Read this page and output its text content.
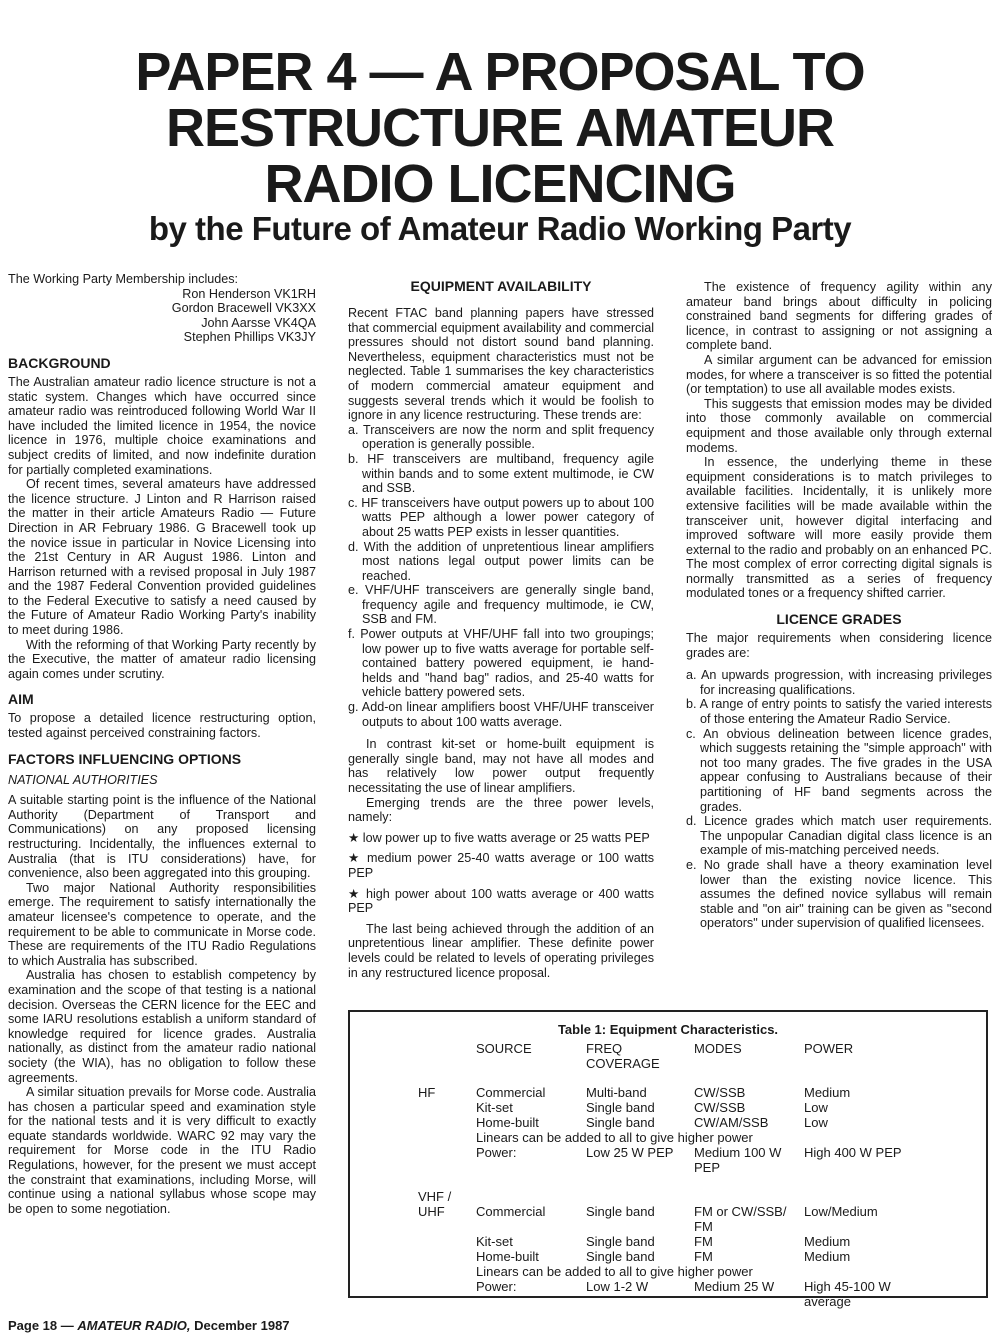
PAPER 4 — A PROPOSAL TO
RESTRUCTURE AMATEUR
RADIO LICENCING
by the Future of Amateur Radio Working Party

The Working Party Membership includes:

Ron Henderson VK1RH
Gordon Bracewell VK3XX
John Aarsse VK4QA
Stephen Phillips VK3JY
BACKGROUND

The Australian amateur radio licence structure is not a static system. Changes which have occurred since amateur radio was reintroduced following World War II have included the limited licence in 1954, the novice licence in 1976, multiple choice examinations and subject credits of limited, and now indefinite duration for partially completed examinations.

Of recent times, several amateurs have addressed the licence structure. J Linton and R Harrison raised the matter in their article Amateurs Radio — Future Direction in AR February 1986. G Bracewell took up the novice issue in particular in Novice Licensing into the 21st Century in AR August 1986. Linton and Harrison returned with a revised proposal in July 1987 and the 1987 Federal Convention provided guidelines to the Federal Executive to satisfy a need caused by the Future of Amateur Radio Working Party's inability to meet during 1986.

With the reforming of that Working Party recently by the Executive, the matter of amateur radio licensing again comes under scrutiny.

AIM

To propose a detailed licence restructuring option, tested against perceived constraining factors.

FACTORS INFLUENCING OPTIONS
NATIONAL AUTHORITIES

A suitable starting point is the influence of the National Authority (Department of Transport and Communications) on any proposed licensing restructuring. Incidentally, the influences external to Australia (that is ITU considerations) have, for convenience, also been aggregated into this grouping.

Two major National Authority responsibilities emerge. The requirement to satisfy internationally the amateur licensee's competence to operate, and the requirement to be able to communicate in Morse code. These are requirements of the ITU Radio Regulations to which Australia has subscribed.

Australia has chosen to establish competency by examination and the scope of that testing is a national decision. Overseas the CERN licence for the EEC and some IARU resolutions establish a uniform standard of knowledge required for licence grades. Australia nationally, as distinct from the amateur radio national society (the WIA), has no obligation to follow these agreements.

A similar situation prevails for Morse code. Australia has chosen a particular speed and examination style for the national tests and it is very difficult to exactly equate standards worldwide. WARC 92 may vary the requirement for Morse code in the ITU Radio Regulations, however, for the present we must accept the constraint that examinations, including Morse, will continue using a national syllabus whose scope may be open to some negotiation.

EQUIPMENT AVAILABILITY

Recent FTAC band planning papers have stressed that commercial equipment availability and commercial pressures should not distort sound band planning. Nevertheless, equipment characteristics must not be neglected. Table 1 summarises the key characteristics of modern commercial amateur equipment and suggests several trends which it would be foolish to ignore in any licence restructuring. These trends are:

a. Transceivers are now the norm and split frequency operation is generally possible.
b. HF transceivers are multiband, frequency agile within bands and to some extent multimode, ie CW and SSB.
c. HF transceivers have output powers up to about 100 watts PEP although a lower power category of about 25 watts PEP exists in lesser quantities.
d. With the addition of unpretentious linear amplifiers most nations legal output power limits can be reached.
e. VHF/UHF transceivers are generally single band, frequency agile and frequency multimode, ie CW, SSB and FM.
f. Power outputs at VHF/UHF fall into two groupings; low power up to five watts average for portable self-contained battery powered equipment, ie hand-helds and "hand bag" radios, and 25-40 watts for vehicle battery powered sets.
g. Add-on linear amplifiers boost VHF/UHF transceiver outputs to about 100 watts average.

In contrast kit-set or home-built equipment is generally single band, may not have all modes and has relatively low power output frequently necessitating the use of linear amplifiers.

Emerging trends are the three power levels, namely:

★ low power up to five watts average or 25 watts PEP
★ medium power 25-40 watts average or 100 watts PEP
★ high power about 100 watts average or 400 watts PEP

The last being achieved through the addition of an unpretentious linear amplifier. These definite power levels could be related to levels of operating privileges in any restructured licence proposal.

The existence of frequency agility within any amateur band brings about difficulty in policing constrained band segments for differing grades of licence, in contrast to assigning or not assigning a complete band.

A similar argument can be advanced for emission modes, for where a transceiver is so fitted the potential (or temptation) to use all available modes exists.

This suggests that emission modes may be divided into those commonly available on commercial equipment and those available only through external modems.

In essence, the underlying theme in these equipment considerations is to match privileges to available facilities. Incidentally, it is unlikely more extensive facilities will be made available within the transceiver unit, however digital interfacing and improved software will more easily provide them external to the radio and probably on an enhanced PC. The most complex of error correcting digital signals is normally transmitted as a series of frequency modulated tones or a frequency shifted carrier.

LICENCE GRADES

The major requirements when considering licence grades are:

a. An upwards progression, with increasing privileges for increasing qualifications.
b. A range of entry points to satisfy the varied interests of those entering the Amateur Radio Service.
c. An obvious delineation between licence grades, which suggests retaining the "simple approach" with not too many grades. The five grades in the USA appear confusing to Australians because of their partitioning of HF band segments across the grades.
d. Licence grades which match user requirements. The unpopular Canadian digital class licence is an example of mis-matching perceived needs.
e. No grade shall have a theory examination level lower than the existing novice licence. This assumes the defined novice syllabus will remain stable and "on air" training can be given as "second operators" under supervision of qualified licensees.
Table 1: Equipment Characteristics.
	SOURCE	FREQ COVERAGE	MODES	POWER

HF	Commercial	Multi-band	CW/SSB	Medium
	Kit-set	Single band	CW/SSB	Low
	Home-built	Single band	CW/AM/SSB	Low
	Linears can be added to all to give higher power			
	Power:	Low 25 W PEP	Medium 100 W PEP	High 400 W PEP

VHF /				
UHF	Commercial	Single band	FM or CW/SSB/ FM	Low/Medium
	Kit-set	Single band	FM	Medium
	Home-built	Single band	FM	Medium
	Linears can be added to all to give higher power			
	Power:	Low 1-2 W	Medium 25 W	High 45-100 W average
Page 18 — AMATEUR RADIO, December 1987
